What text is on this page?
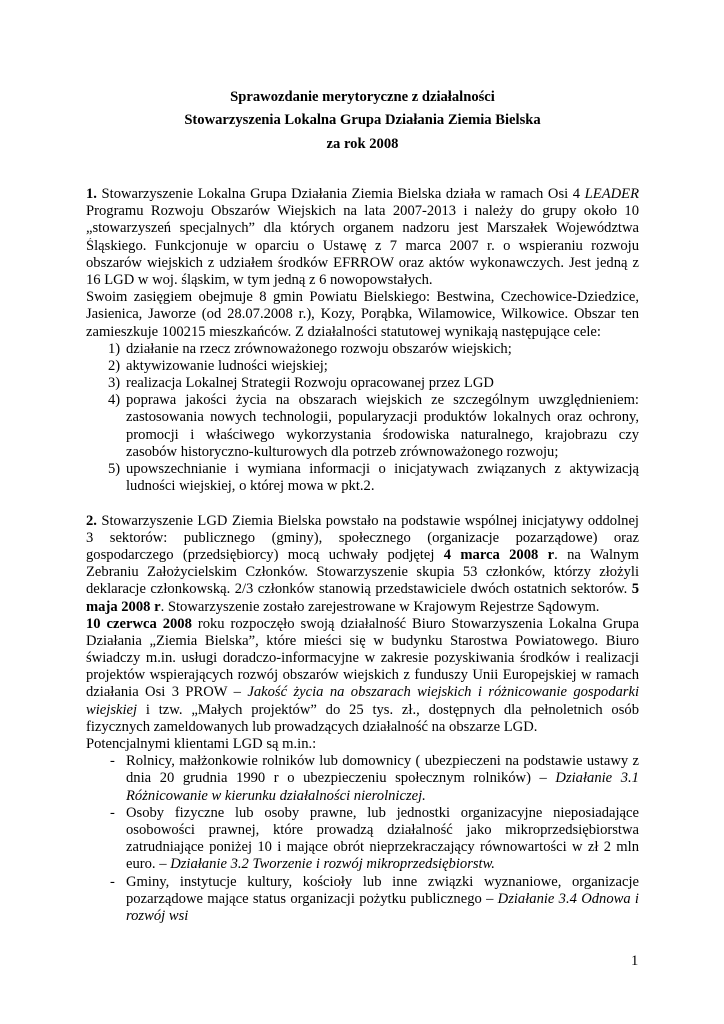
Sprawozdanie merytoryczne z działalności
Stowarzyszenia Lokalna Grupa Działania Ziemia Bielska
za rok 2008
1. Stowarzyszenie Lokalna Grupa Działania Ziemia Bielska działa w ramach Osi 4 LEADER
Programu Rozwoju Obszarów Wiejskich na lata 2007-2013 i należy do grupy około 10
„stowarzyszeń specjalnych” dla których organem nadzoru jest Marszałek Województwa
Śląskiego. Funkcjonuje w oparciu o Ustawę z 7 marca 2007 r. o wspieraniu rozwoju
obszarów wiejskich z udziałem środków EFRROW oraz aktów wykonawczych. Jest jedną z
16 LGD w woj. śląskim, w tym jedną z 6 nowopowstałych.
Swoim zasięgiem obejmuje 8 gmin Powiatu Bielskiego: Bestwina, Czechowice-Dziedzice,
Jasienica, Jaworze (od 28.07.2008 r.), Kozy, Porąbka, Wilamowice, Wilkowice. Obszar ten
zamieszkuje 100215 mieszkańców. Z działalności statutowej wynikają następujące cele:
1) działanie na rzecz zrównoważonego rozwoju obszarów wiejskich;
2) aktywizowanie ludności wiejskiej;
3) realizacja Lokalnej Strategii Rozwoju opracowanej przez LGD
4) poprawa jakości życia na obszarach wiejskich ze szczególnym uwzględnieniem:
zastosowania nowych technologii, popularyzacji produktów lokalnych oraz ochrony,
promocji i właściwego wykorzystania środowiska naturalnego, krajobrazu czy
zasobów historyczno-kulturowych dla potrzeb zrównoważonego rozwoju;
5) upowszechnianie i wymiana informacji o inicjatywach związanych z aktywizacją
ludności wiejskiej, o której mowa w pkt.2.
2. Stowarzyszenie LGD Ziemia Bielska powstało na podstawie wspólnej inicjatywy oddolnej
3 sektorów: publicznego (gminy), społecznego (organizacje pozarządowe) oraz
gospodarczego (przedsiębiorcy) mocą uchwały podjętej 4 marca 2008 r. na Walnym
Zebraniu Założycielskim Członków. Stowarzyszenie skupia 53 członków, którzy złożyli
deklaracje członkowską. 2/3 członków stanowią przedstawiciele dwóch ostatnich sektorów. 5
maja 2008 r. Stowarzyszenie zostało zarejestrowane w Krajowym Rejestrze Sądowym.
10 czerwca 2008 roku rozpoczęło swoją działalność Biuro Stowarzyszenia Lokalna Grupa
Działania „Ziemia Bielska”, które mieści się w budynku Starostwa Powiatowego. Biuro
świadczy m.in. usługi doradczo-informacyjne w zakresie pozyskiwania środków i realizacji
projektów wspierających rozwój obszarów wiejskich z funduszy Unii Europejskiej w ramach
działania Osi 3 PROW – Jakość życia na obszarach wiejskich i różnicowanie gospodarki
wiejskiej i tzw. „Małych projektów” do 25 tys. zł., dostępnych dla pełnoletnich osób
fizycznych zameldowanych lub prowadzących działalność na obszarze LGD.
Potencjalnymi klientami LGD są m.in.:
- Rolnicy, małżonkowie rolników lub domownicy ( ubezpieczeni na podstawie ustawy z
dnia 20 grudnia 1990 r o ubezpieczeniu społecznym rolników) – Działanie 3.1
Różnicowanie w kierunku działalności nierolniczej.
- Osoby fizyczne lub osoby prawne, lub jednostki organizacyjne nieposiadające
osobowości prawnej, które prowadzą działalność jako mikroprzedsiębiorstwa
zatrudniające poniżej 10 i mające obrót nieprzekraczający równowartości w zł 2 mln
euro. – Działanie 3.2 Tworzenie i rozwój mikroprzedsiębiorstw.
- Gminy, instytucje kultury, kościoły lub inne związki wyznaniowe, organizacje
pozarządowe mające status organizacji pożytku publicznego – Działanie 3.4 Odnowa i
rozwój wsi
1
